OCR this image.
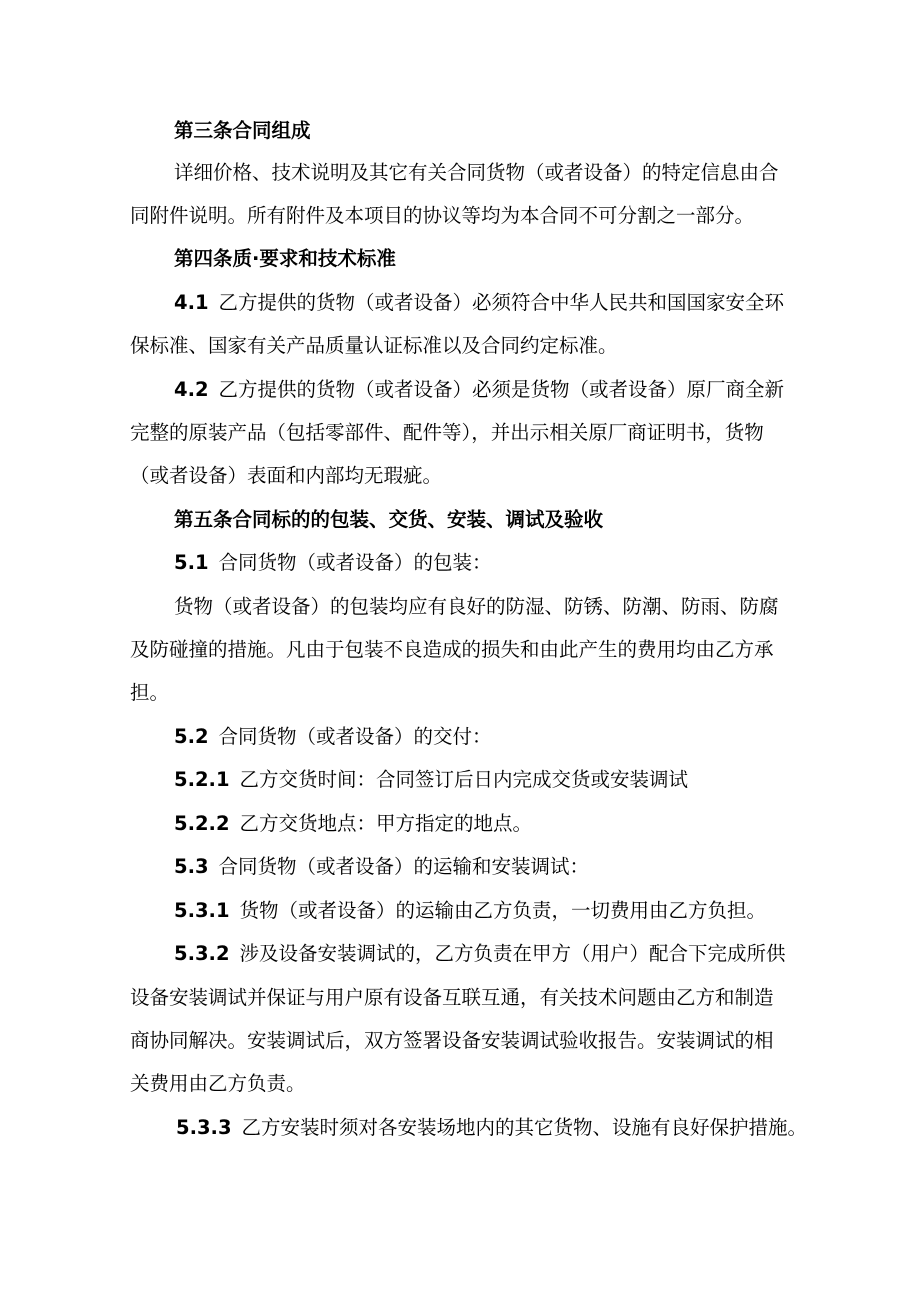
第三条合同组成
详细价格、技术说明及其它有关合同货物（或者设备）的特定信息由合
同附件说明。所有附件及本项目的协议等均为本合同不可分割之一部分。
第四条质·要求和技术标准
4.1 乙方提供的货物（或者设备）必须符合中华人民共和国国家安全环
保标准、国家有关产品质量认证标准以及合同约定标准。
4.2 乙方提供的货物（或者设备）必须是货物（或者设备）原厂商全新
完整的原装产品（包括零部件、配件等），并出示相关原厂商证明书，货物
（或者设备）表面和内部均无瑕疵。
第五条合同标的的包装、交货、安装、调试及验收
5.1 合同货物（或者设备）的包装：
货物（或者设备）的包装均应有良好的防湿、防锈、防潮、防雨、防腐
及防碰撞的措施。凡由于包装不良造成的损失和由此产生的费用均由乙方承
担。
5.2 合同货物（或者设备）的交付：
5.2.1 乙方交货时间：合同签订后日内完成交货或安装调试
5.2.2 乙方交货地点：甲方指定的地点。
5.3 合同货物（或者设备）的运输和安装调试：
5.3.1 货物（或者设备）的运输由乙方负责，一切费用由乙方负担。
5.3.2 涉及设备安装调试的，乙方负责在甲方（用户）配合下完成所供
设备安装调试并保证与用户原有设备互联互通，有关技术问题由乙方和制造
商协同解决。安装调试后，双方签署设备安装调试验收报告。安装调试的相
关费用由乙方负责。
5.3.3 乙方安装时须对各安装场地内的其它货物、设施有良好保护措施。
